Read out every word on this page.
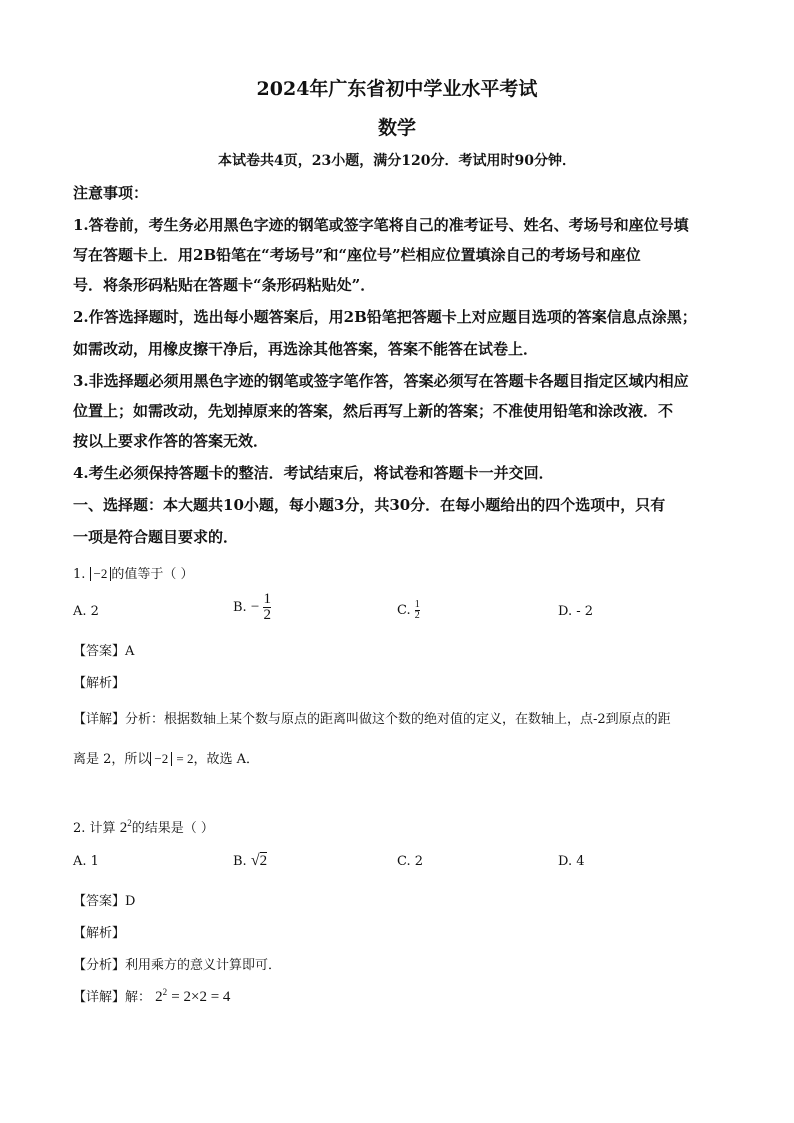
2024年广东省初中学业水平考试
数学
本试卷共4页，23小题，满分120分．考试用时90分钟．
注意事项：
1.答卷前，考生务必用黑色字迹的钢笔或签字笔将自己的准考证号、姓名、考场号和座位号填
写在答题卡上．用2B铅笔在“考场号”和“座位号”栏相应位置填涂自己的考场号和座位
号．将条形码粘贴在答题卡“条形码粘贴处”．
2.作答选择题时，选出每小题答案后，用2B铅笔把答题卡上对应题目选项的答案信息点涂黑；
如需改动，用橡皮擦干净后，再选涂其他答案，答案不能答在试卷上．
3.非选择题必须用黑色字迹的钢笔或签字笔作答，答案必须写在答题卡各题目指定区域内相应
位置上；如需改动，先划掉原来的答案，然后再写上新的答案；不准使用铅笔和涂改液．不
按以上要求作答的答案无效．
4.考生必须保持答题卡的整洁．考试结束后，将试卷和答题卡一并交回．
一、选择题：本大题共10小题，每小题3分，共30分．在每小题给出的四个选项中，只有
一项是符合题目要求的．
1. −2 的值等于（ ）
A. 2	B. − $\frac{1}{2}$	C. $\frac{1}{2}$	D. - 2
【答案】A
【解析】
【详解】分析：根据数轴上某个数与原点的距离叫做这个数的绝对值的定义，在数轴上，点-2到原点的距
离是 2，所以 −2 = 2，故选 A．
2. 计算 $2^2$的结果是（ ）
A. 1	B. √2	C. 2	D. 4
【答案】D
【解析】
【分析】利用乘方的意义计算即可．
【详解】解： $2^2 = 2\times 2 = 4$
